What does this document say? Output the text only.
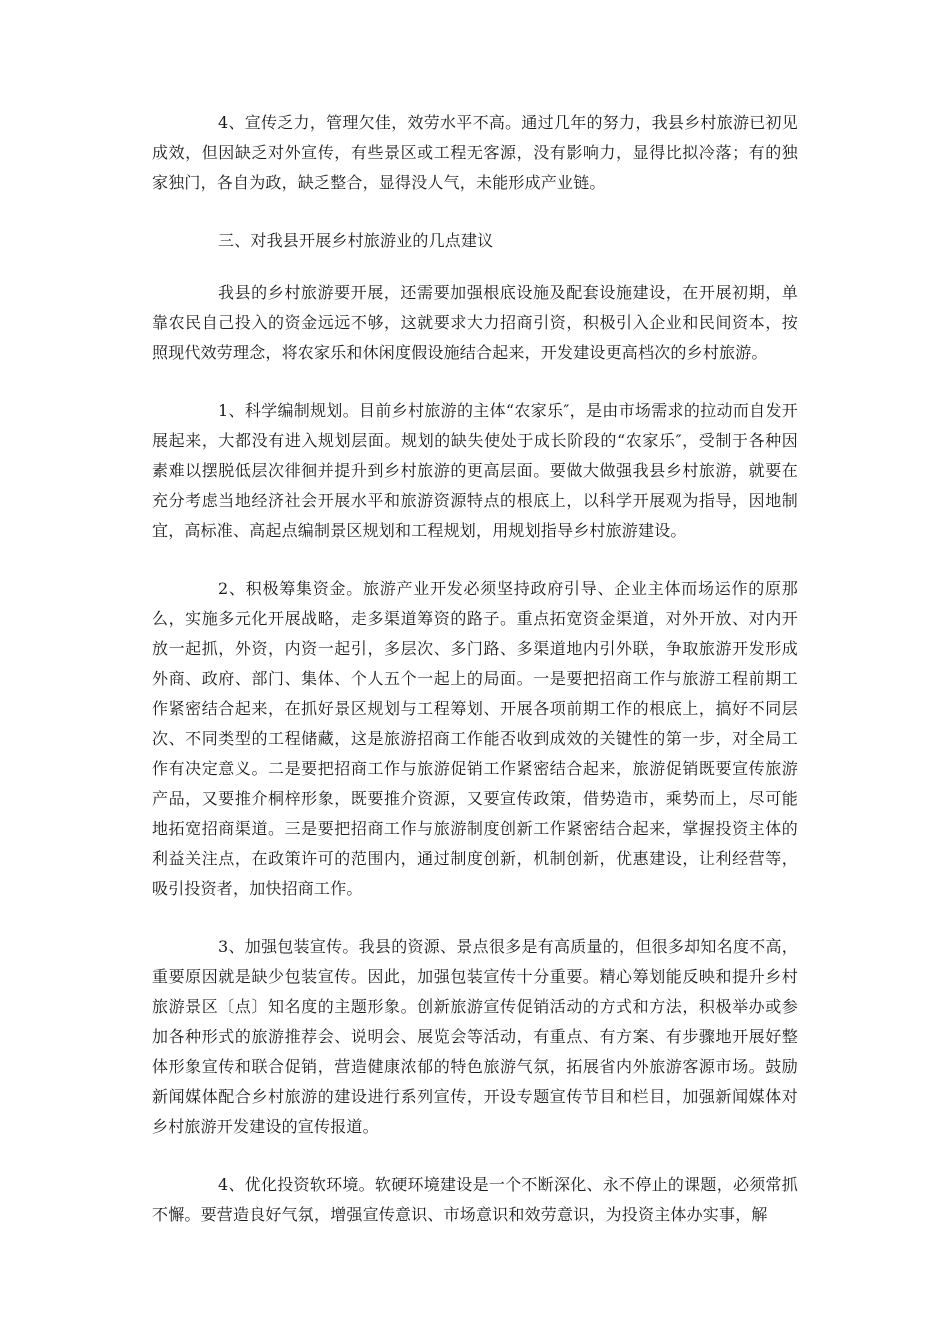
4、宣传乏力，管理欠佳，效劳水平不高。通过几年的努力，我县乡村旅游已初见成效，但因缺乏对外宣传，有些景区或工程无客源，没有影响力，显得比拟冷落；有的独家独门，各自为政，缺乏整合，显得没人气，未能形成产业链。

三、对我县开展乡村旅游业的几点建议

我县的乡村旅游要开展，还需要加强根底设施及配套设施建设，在开展初期，单靠农民自己投入的资金远远不够，这就要求大力招商引资，积极引入企业和民间资本，按照现代效劳理念，将农家乐和休闲度假设施结合起来，开发建设更高档次的乡村旅游。

1、科学编制规划。目前乡村旅游的主体“农家乐″，是由市场需求的拉动而自发开展起来，大都没有进入规划层面。规划的缺失使处于成长阶段的“农家乐″，受制于各种因素难以摆脱低层次徘徊并提升到乡村旅游的更高层面。要做大做强我县乡村旅游，就要在充分考虑当地经济社会开展水平和旅游资源特点的根底上，以科学开展观为指导，因地制宜，高标准、高起点编制景区规划和工程规划，用规划指导乡村旅游建设。

2、积极筹集资金。旅游产业开发必须坚持政府引导、企业主体而场运作的原那么，实施多元化开展战略，走多渠道筹资的路子。重点拓宽资金渠道，对外开放、对内开放一起抓，外资，内资一起引，多层次、多门路、多渠道地内引外联，争取旅游开发形成外商、政府、部门、集体、个人五个一起上的局面。一是要把招商工作与旅游工程前期工作紧密结合起来，在抓好景区规划与工程筹划、开展各项前期工作的根底上，搞好不同层次、不同类型的工程储藏，这是旅游招商工作能否收到成效的关键性的第一步，对全局工作有决定意义。二是要把招商工作与旅游促销工作紧密结合起来，旅游促销既要宣传旅游产品，又要推介桐梓形象，既要推介资源，又要宣传政策，借势造市，乘势而上，尽可能地拓宽招商渠道。三是要把招商工作与旅游制度创新工作紧密结合起来，掌握投资主体的利益关注点，在政策许可的范围内，通过制度创新，机制创新，优惠建设，让利经营等，吸引投资者，加快招商工作。

3、加强包装宣传。我县的资源、景点很多是有高质量的，但很多却知名度不高，重要原因就是缺少包装宣传。因此，加强包装宣传十分重要。精心筹划能反映和提升乡村旅游景区〔点〕知名度的主题形象。创新旅游宣传促销活动的方式和方法，积极举办或参加各种形式的旅游推荐会、说明会、展览会等活动，有重点、有方案、有步骤地开展好整体形象宣传和联合促销，营造健康浓郁的特色旅游气氛，拓展省内外旅游客源市场。鼓励新闻媒体配合乡村旅游的建设进行系列宣传，开设专题宣传节目和栏目，加强新闻媒体对乡村旅游开发建设的宣传报道。

4、优化投资软环境。软硬环境建设是一个不断深化、永不停止的课题，必须常抓不懈。要营造良好气氛，增强宣传意识、市场意识和效劳意识，为投资主体办实事，解
